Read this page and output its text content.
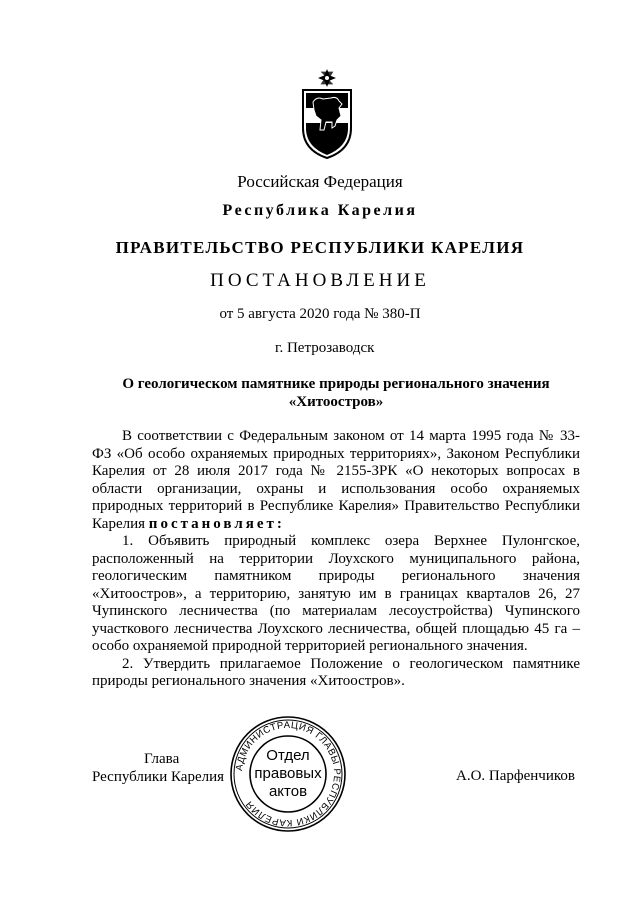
Российская Федерация
Республика Карелия
ПРАВИТЕЛЬСТВО РЕСПУБЛИКИ КАРЕЛИЯ
ПОСТАНОВЛЕНИЕ
от 5 августа 2020 года № 380-П
г. Петрозаводск
О геологическом памятнике природы регионального значения
«Хитоостров»

В соответствии с Федеральным законом от 14 марта 1995 года № 33-ФЗ «Об особо охраняемых природных территориях», Законом Республики Карелия от 28 июля 2017 года № 2155-ЗРК «О некоторых вопросах в области организации, охраны и использования особо охраняемых природных территорий в Республике Карелия» Правительство Республики Карелия постановляет:

1. Объявить природный комплекс озера Верхнее Пулонгское, расположенный на территории Лоухского муниципального района, геологическим памятником природы регионального значения «Хитоостров», а территорию, занятую им в границах кварталов 26, 27 Чупинского лесничества (по материалам лесоустройства) Чупинского участкового лесничества Лоухского лесничества, общей площадью 45 га – особо охраняемой природной территорией регионального значения.

2. Утвердить прилагаемое Положение о геологическом памятнике природы регионального значения «Хитоостров».

Глава
Республики Карелия
АДМИНИСТРАЦИЯ ГЛАВЫ РЕСПУБЛИКИ КАРЕЛИЯ
Отдел
правовых
актов
А.О. Парфенчиков
